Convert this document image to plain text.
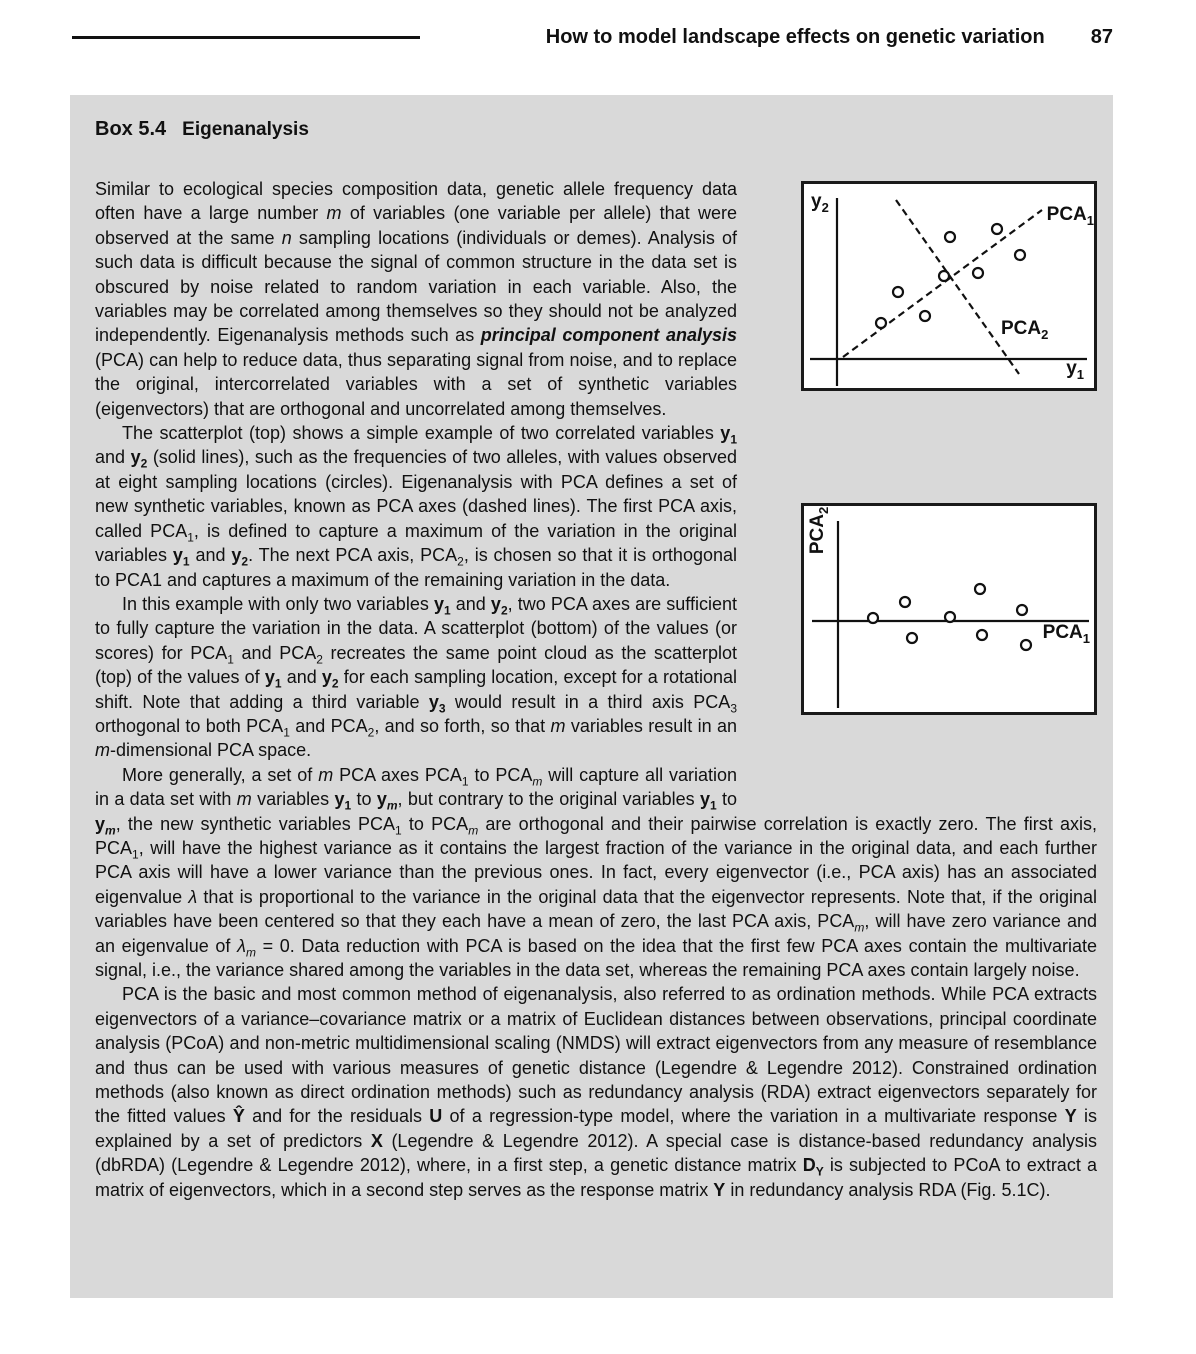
How to model landscape effects on genetic variation 87
Box 5.4 Eigenanalysis
$y_2$	$PCA_1$
$PCA_2$
$y_1$
$PCA_2$
$PCA_1$

Similar to ecological species composition data, genetic allele frequency data often have a large number m of variables (one variable per allele) that were observed at the same n sampling locations (individuals or demes). Analysis of such data is difficult because the signal of common structure in the data set is obscured by noise related to random variation in each variable. Also, the variables may be correlated among themselves so they should not be analyzed independently. Eigenanalysis methods such as principal component analysis (PCA) can help to reduce data, thus separating signal from noise, and to replace the original, intercorrelated variables with a set of synthetic variables (eigenvectors) that are orthogonal and uncorrelated among themselves.

The scatterplot (top) shows a simple example of two correlated variables $y_1$ and $y_2$ (solid lines), such as the frequencies of two alleles, with values observed at eight sampling locations (circles). Eigenanalysis with PCA defines a set of new synthetic variables, known as PCA axes (dashed lines). The first PCA axis, called $PCA_1$, is defined to capture a maximum of the variation in the original variables $y_1$ and $y_2$. The next PCA axis, $PCA_2$, is chosen so that it is orthogonal to PCA1 and captures a maximum of the remaining variation in the data.

In this example with only two variables $y_1$ and $y_2$, two PCA axes are sufficient to fully capture the variation in the data. A scatterplot (bottom) of the values (or scores) for $PCA_1$ and $PCA_2$ recreates the same point cloud as the scatterplot (top) of the values of $y_1$ and $y_2$ for each sampling location, except for a rotational shift. Note that adding a third variable $y_3$ would result in a third axis $PCA_3$ orthogonal to both $PCA_1$ and $PCA_2$, and so forth, so that m variables result in an m-dimensional PCA space.

More generally, a set of m PCA axes $PCA_1$ to $PCA_m$ will capture all variation in a data set with m variables $y_1$ to $y_m$, but contrary to the original variables $y_1$ to $y_m$, the new synthetic variables $PCA_1$ to $PCA_m$ are orthogonal and their pairwise correlation is exactly zero. The first axis, $PCA_1$, will have the highest variance as it contains the largest fraction of the variance in the original data, and each further PCA axis will have a lower variance than the previous ones. In fact, every eigenvector (i.e., PCA axis) has an associated eigenvalue λ that is proportional to the variance in the original data that the eigenvector represents. Note that, if the original variables have been centered so that they each have a mean of zero, the last PCA axis, $PCA_m$, will have zero variance and an eigenvalue of $\lambda_m = 0$. Data reduction with PCA is based on the idea that the first few PCA axes contain the multivariate signal, i.e., the variance shared among the variables in the data set, whereas the remaining PCA axes contain largely noise.

PCA is the basic and most common method of eigenanalysis, also referred to as ordination methods. While PCA extracts eigenvectors of a variance–covariance matrix or a matrix of Euclidean distances between observations, principal coordinate analysis (PCoA) and non-metric multidimensional scaling (NMDS) will extract eigenvectors from any measure of resemblance and thus can be used with various measures of genetic distance (Legendre & Legendre 2012). Constrained ordination methods (also known as direct ordination methods) such as redundancy analysis (RDA) extract eigenvectors separately for the fitted values Ŷ and for the residuals U of a regression-type model, where the variation in a multivariate response Y is explained by a set of predictors X (Legendre & Legendre 2012). A special case is distance-based redundancy analysis (dbRDA) (Legendre & Legendre 2012), where, in a first step, a genetic distance matrix $D_Y$ is subjected to PCoA to extract a matrix of eigenvectors, which in a second step serves as the response matrix Y in redundancy analysis RDA (Fig. 5.1C).
